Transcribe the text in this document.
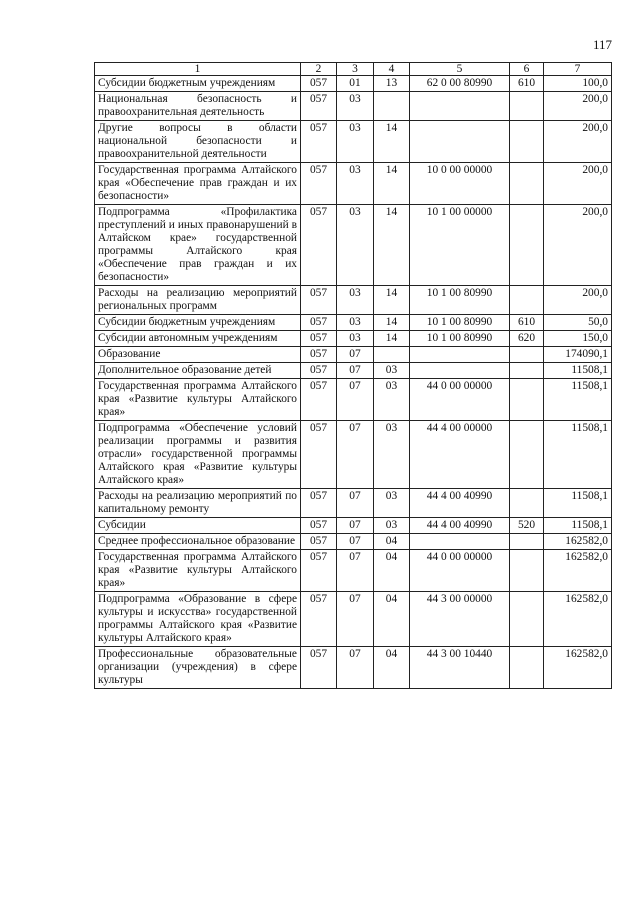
117
1	2	3	4	5	6	7
Субсидии бюджетным учреждениям	057	01	13	62 0 00 80990	610	100,0
Национальная безопасность и правоохранительная деятельность	057	03				200,0
Другие вопросы в области национальной безопасности и правоохранительной деятельности	057	03	14			200,0
Государственная программа Алтайского края «Обеспечение прав граждан и их безопасности»	057	03	14	10 0 00 00000		200,0
Подпрограмма «Профилактика преступлений и иных правонарушений в Алтайском крае» государственной программы Алтайского края «Обеспечение прав граждан и их безопасности»	057	03	14	10 1 00 00000		200,0
Расходы на реализацию мероприятий региональных программ	057	03	14	10 1 00 80990		200,0
Субсидии бюджетным учреждениям	057	03	14	10 1 00 80990	610	50,0
Субсидии автономным учреждениям	057	03	14	10 1 00 80990	620	150,0
Образование	057	07				174090,1
Дополнительное образование детей	057	07	03			11508,1
Государственная программа Алтайского края «Развитие культуры Алтайского края»	057	07	03	44 0 00 00000		11508,1
Подпрограмма «Обеспечение условий реализации программы и развития отрасли» государственной программы Алтайского края «Развитие культуры Алтайского края»	057	07	03	44 4 00 00000		11508,1
Расходы на реализацию мероприятий по капитальному ремонту	057	07	03	44 4 00 40990		11508,1
Субсидии	057	07	03	44 4 00 40990	520	11508,1
Среднее профессиональное образование	057	07	04			162582,0
Государственная программа Алтайского края «Развитие культуры Алтайского края»	057	07	04	44 0 00 00000		162582,0
Подпрограмма «Образование в сфере культуры и искусства» государственной программы Алтайского края «Развитие культуры Алтайского края»	057	07	04	44 3 00 00000		162582,0
Профессиональные образовательные организации (учреждения) в сфере культуры	057	07	04	44 3 00 10440		162582,0
